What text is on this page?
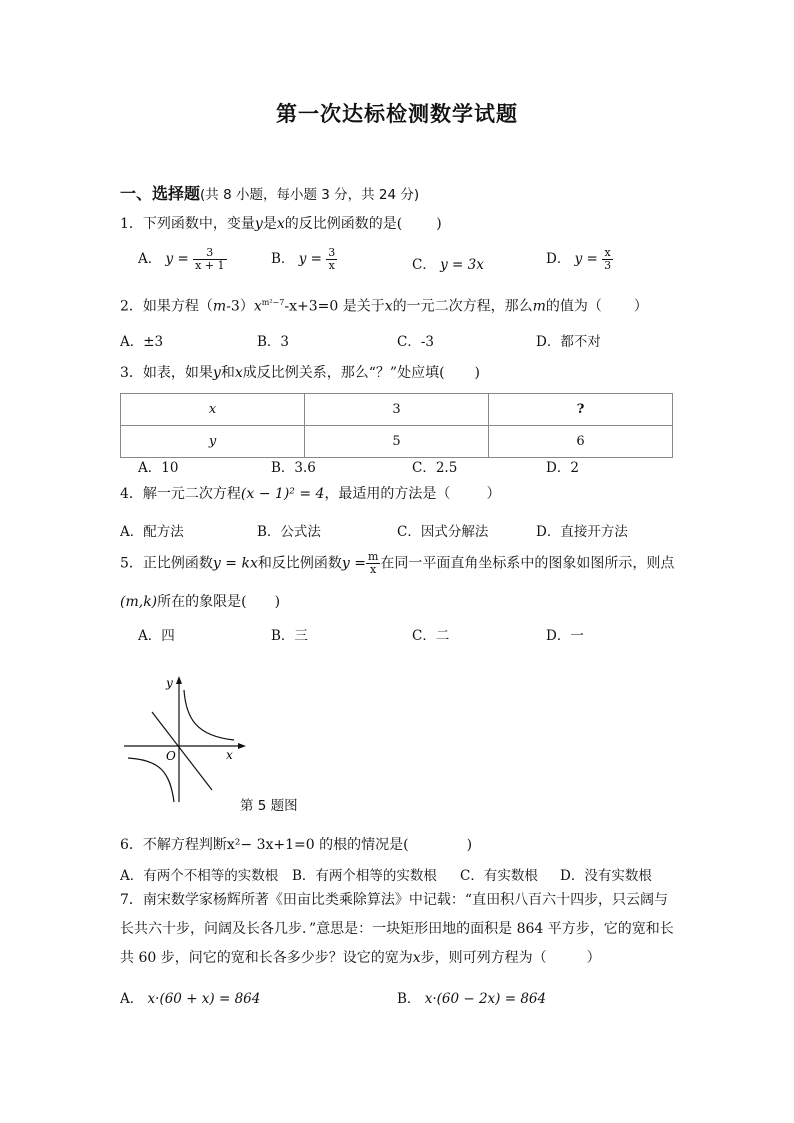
第一次达标检测数学试题
一、选择题(共 8 小题，每小题 3 分，共 24 分)
1．下列函数中，变量y是x的反比例函数的是( )
A． $y = \frac{3}{x + 1}$	B． $y = \frac{3}{x}$	C． y = 3x	D． $y = \frac{x}{3}$
2．如果方程$(m-3)x^{m^2-7}-x+3=0$ 是关于x的一元二次方程，那么m的值为（ ）
A．±3	B．3	C．-3	D．都不对
3．如表，如果y和x成反比例关系，那么“？”处应填( )
x	3	?
y	5	6
A．10	B．3.6	C．2.5	D．2
4．解一元二次方程(x − 1)² = 4，最适用的方法是（	）
A．配方法	B．公式法	C．因式分解法	D．直接开方法
5．正比例函数y = kx和反比例函数$y = \frac{m}{x}$ 在同一平面直角坐标系中的图象如图所示，则点
(m,k)所在的象限是( )
A．四	B．三	C．二	D．一
y
x
O
第 5 题图
6．不解方程判断x²− 3x+1=0 的根的情况是(	)
A．有两个不相等的实数根 B．有两个相等的实数根 C．有实数根 D．没有实数根
7．南宋数学家杨辉所著《田亩比类乘除算法》中记载：“直田积八百六十四步，只云阔与
长共六十步，问阔及长各几步．”意思是：一块矩形田地的面积是 864 平方步，它的宽和长
共 60 步，问它的宽和长各多少步？设它的宽为x步，则可列方程为（	）
A． x·(60 + x) = 864	B． x·(60 − 2x) = 864
